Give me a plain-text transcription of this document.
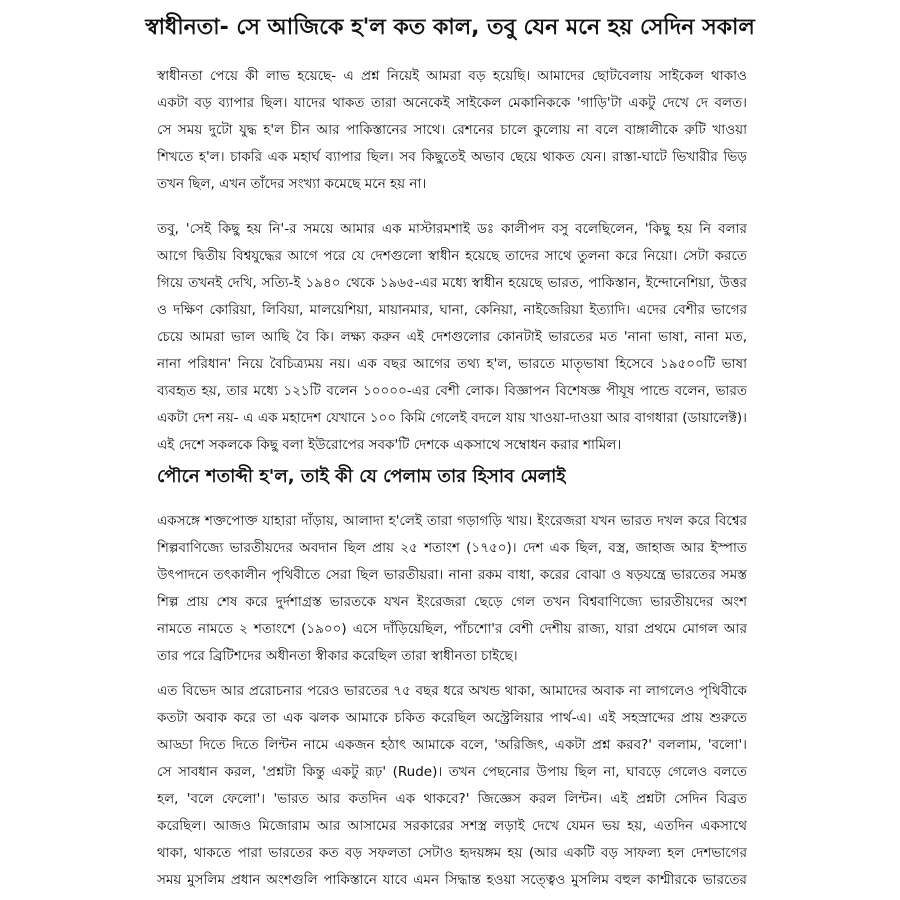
স্বাধীনতা- সে আজিকে হ'ল কত কাল, তবু যেন মনে হয় সেদিন সকাল
স্বাধীনতা পেয়ে কী লাভ হয়েছে- এ প্রশ্ন নিয়েই আমরা বড় হয়েছি। আমাদের ছোটবেলায় সাইকেল থাকাও
একটা বড় ব্যাপার ছিল। যাদের থাকত তারা অনেকেই সাইকেল মেকানিককে 'গাড়ি'টা একটু দেখে দে বলত।
সে সময় দুটো যুদ্ধ হ'ল চীন আর পাকিস্তানের সাথে। রেশনের চালে কুলোয় না বলে বাঙ্গালীকে রুটি খাওয়া
শিখতে হ'ল। চাকরি এক মহার্ঘ ব্যাপার ছিল। সব কিছুতেই অভাব ছেয়ে থাকত যেন। রাস্তা-ঘাটে ভিখারীর ভিড়
তখন ছিল, এখন তাঁদের সংখ্যা কমেছে মনে হয় না।
তবু, 'সেই কিছু হয় নি'-র সময়ে আমার এক মাস্টারমশাই ডঃ কালীপদ বসু বলেছিলেন, 'কিছু হয় নি বলার
আগে দ্বিতীয় বিশ্বযুদ্ধের আগে পরে যে দেশগুলো স্বাধীন হয়েছে তাদের সাথে তুলনা করে নিয়ো। সেটা করতে
গিয়ে তখনই দেখি, সত্যি-ই ১৯৪০ থেকে ১৯৬৫-এর মধ্যে স্বাধীন হয়েছে ভারত, পাকিস্তান, ইন্দোনেশিয়া, উত্তর
ও দক্ষিণ কোরিয়া, লিবিয়া, মালয়েশিয়া, মায়ানমার, ঘানা, কেনিয়া, নাইজেরিয়া ইত্যাদি। এদের বেশীর ভাগের
চেয়ে আমরা ভাল আছি বৈ কি। লক্ষ্য করুন এই দেশগুলোর কোনটাই ভারতের মত 'নানা ভাষা, নানা মত,
নানা পরিধান' নিয়ে বৈচিত্র্যময় নয়। এক বছর আগের তথ্য হ'ল, ভারতে মাতৃভাষা হিসেবে ১৯৫০০টি ভাষা
ব্যবহৃত হয়, তার মধ্যে ১২১টি বলেন ১০০০০-এর বেশী লোক। বিজ্ঞাপন বিশেষজ্ঞ পীযূষ পান্ডে বলেন, ভারত
একটা দেশ নয়- এ এক মহাদেশ যেখানে ১০০ কিমি গেলেই বদলে যায় খাওয়া-দাওয়া আর বাগধারা (ডায়ালেক্ট)।
এই দেশে সকলকে কিছু বলা ইউরোপের সবক'টি দেশকে একসাথে সম্বোধন করার শামিল।
পৌনে শতাব্দী হ'ল, তাই কী যে পেলাম তার হিসাব মেলাই
একসঙ্গে শক্তপোক্ত যাহারা দাঁড়ায়, আলাদা হ'লেই তারা গড়াগড়ি খায়। ইংরেজরা যখন ভারত দখল করে বিশ্বের
শিল্পবাণিজ্যে ভারতীয়দের অবদান ছিল প্রায় ২৫ শতাংশ (১৭৫০)। দেশ এক ছিল, বস্ত্র, জাহাজ আর ইস্পাত
উৎপাদনে তৎকালীন পৃথিবীতে সেরা ছিল ভারতীয়রা। নানা রকম বাধা, করের বোঝা ও ষড়যন্ত্রে ভারতের সমস্ত
শিল্প প্রায় শেষ করে দুর্দশাগ্রস্ত ভারতকে যখন ইংরেজরা ছেড়ে গেল তখন বিশ্ববাণিজ্যে ভারতীয়দের অংশ
নামতে নামতে ২ শতাংশে (১৯০০) এসে দাঁড়িয়েছিল, পাঁচশো'র বেশী দেশীয় রাজ্য, যারা প্রথমে মোগল আর
তার পরে ব্রিটিশদের অধীনতা স্বীকার করেছিল তারা স্বাধীনতা চাইছে।
এত বিভেদ আর প্ররোচনার পরেও ভারতের ৭৫ বছর ধরে অখন্ড থাকা, আমাদের অবাক না লাগলেও পৃথিবীকে
কতটা অবাক করে তা এক ঝলক আমাকে চকিত করেছিল অস্ট্রেলিয়ার পার্থ-এ। এই সহস্রাব্দের প্রায় শুরুতে
আড্ডা দিতে দিতে লিন্টন নামে একজন হঠাৎ আমাকে বলে, 'অরিজিৎ, একটা প্রশ্ন করব?' বললাম, 'বলো'।
সে সাবধান করল, 'প্রশ্নটা কিন্তু একটু রূঢ়' (Rude)। তখন পেছনোর উপায় ছিল না, ঘাবড়ে গেলেও বলতে
হল, 'বলে ফেলো'। 'ভারত আর কতদিন এক থাকবে?' জিজ্ঞেস করল লিন্টন। এই প্রশ্নটা সেদিন বিব্রত
করেছিল। আজও মিজোরাম আর আসামের সরকারের সশস্ত্র লড়াই দেখে যেমন ভয় হয়, এতদিন একসাথে
থাকা, থাকতে পারা ভারতের কত বড় সফলতা সেটাও হৃদয়ঙ্গম হয় (আর একটি বড় সাফল্য হল দেশভাগের
সময় মুসলিম প্রধান অংশগুলি পাকিস্তানে যাবে এমন সিদ্ধান্ত হওয়া সত্ত্বেও মুসলিম বহুল কাশ্মীরকে ভারতের
